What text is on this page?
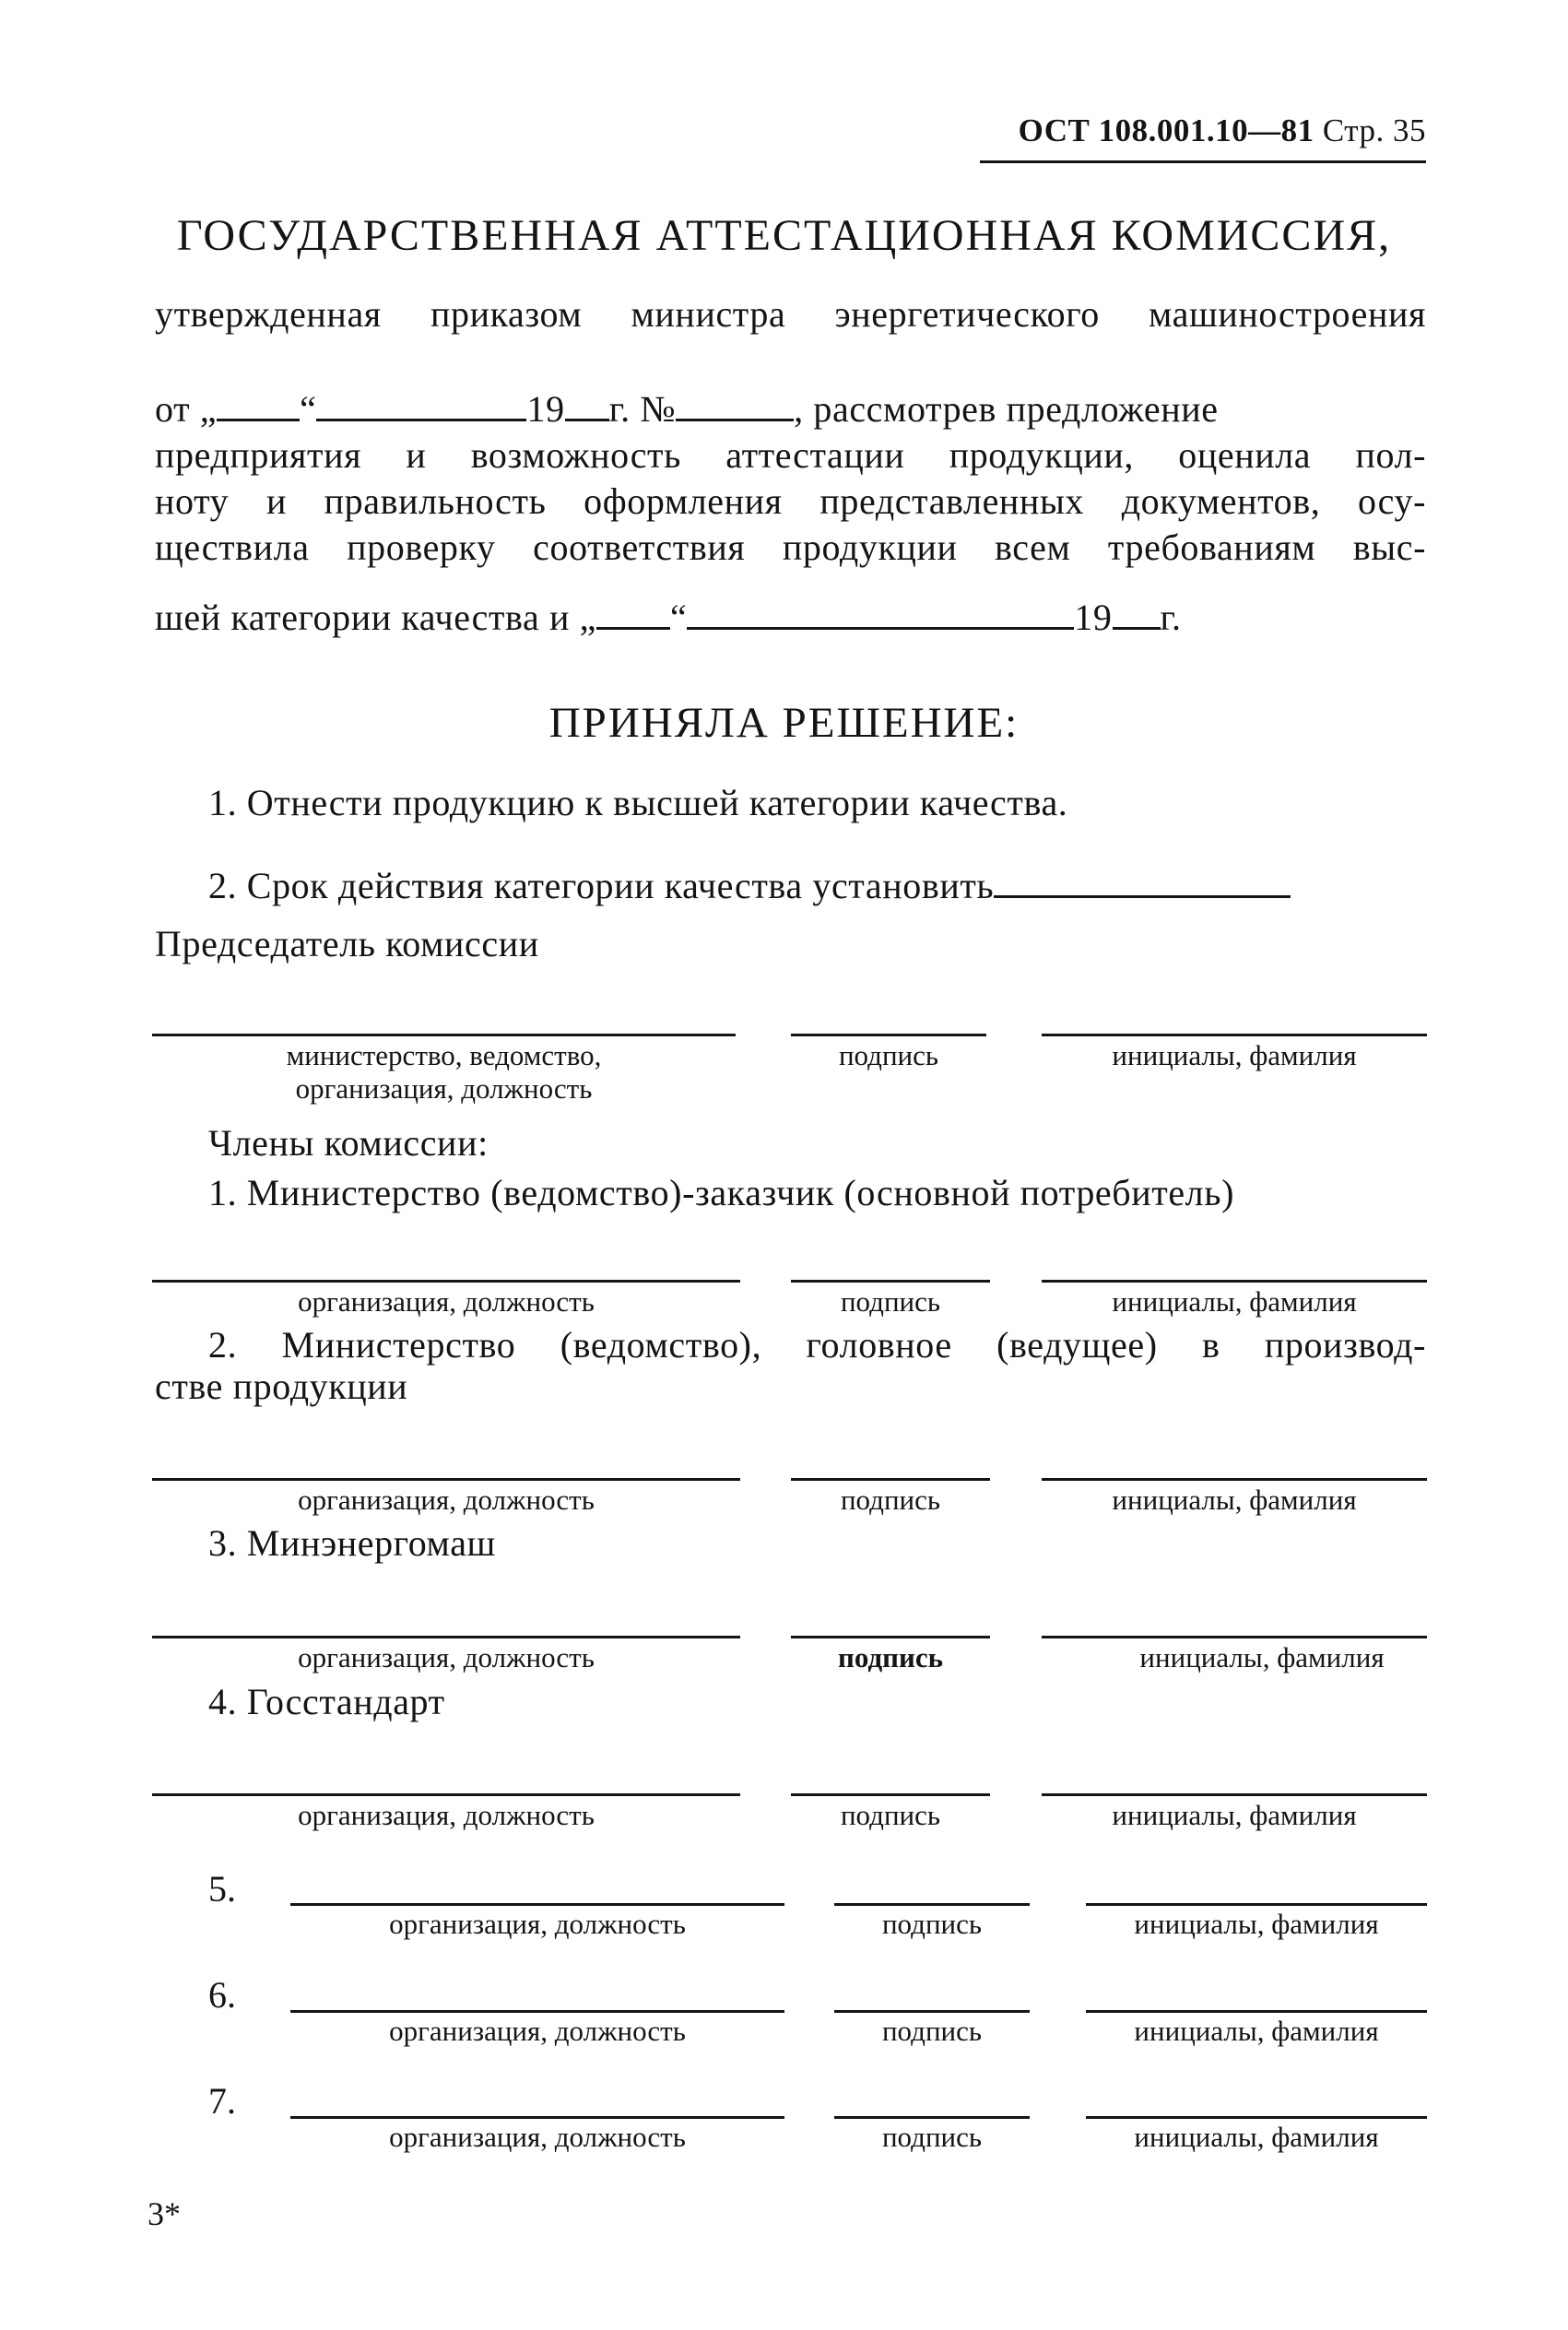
ОСТ 108.001.10—81 Стр. 35
ГОСУДАРСТВЕННАЯ АТТЕСТАЦИОННАЯ КОМИССИЯ,
утвержденная приказом министра энергетического машиностроения
от „ “	19 г. №	, рассмотрев предложение
предприятия и возможность аттестации продукции, оценила пол-
ноту и правильность оформления представленных документов, осу-
ществила проверку соответствия продукции всем требованиям выс-
шей категории качества и „ “	19 г.
ПРИНЯЛА РЕШЕНИЕ:
1. Отнести продукцию к высшей категории качества.
2. Срок действия категории качества установить
Председатель комиссии
министерство, ведомство,
организация, должность
подпись	инициалы, фамилия
Члены комиссии:
1. Министерство (ведомство)-заказчик (основной потребитель)
организация, должность	подпись	инициалы, фамилия
2. Министерство (ведомство), головное (ведущее) в производ-
стве продукции
организация, должность	подпись	инициалы, фамилия
3. Минэнергомаш
организация, должность	подпись	инициалы, фамилия
4. Госстандарт
организация, должность	подпись	инициалы, фамилия
5.
организация, должность	подпись	инициалы, фамилия
6.
организация, должность	подпись	инициалы, фамилия
7.
организация, должность	подпись	инициалы, фамилия
3*
